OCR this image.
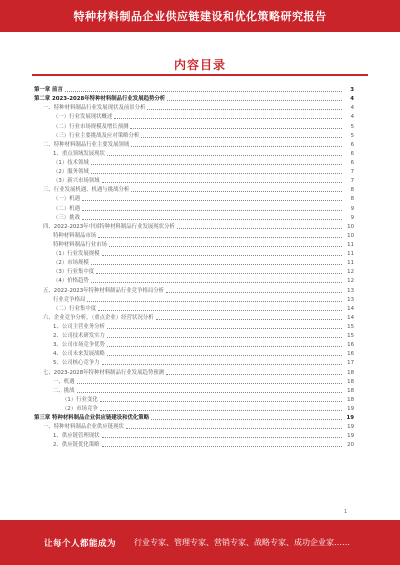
特种材料制品企业供应链建设和优化策略研究报告
内容目录
第一章 前言	3
第二章 2023-2028年特种材料制品行业发展趋势分析	4
一、特种材料制品行业发展现状及前景分析	4
（一）行业发展现状概述	4
（二）行业市场规模及增长预测	5
（三）行业主要挑战及应对策略分析	5
二、特种材料制品行业主要发展领域	6
1、重点领域发展现状	6
（1）技术领域	6
（2）服务领域	7
（3）新兴市场领域	7
三、行业发展机遇、机遇与挑战分析	8
（一）机遇	8
（二）机遇	9
（三）挑战	9
四、2022-2023年中国特种材料制品行业发展现状分析	10
特种材料制品市场	10
特种材料制品行业市场	11
（1）行业发展规模	11
（2）市场规模	11
（3）行业集中度	12
（4）价格趋势	12
五、2022-2023年特种材料制品行业竞争格局分析	13
行业竞争格局	13
（二）行业集中度	14
六、企业竞争分析，（重点企业）经营状况分析	14
1、公司主营业务分析	15
2、公司技术研发实力	15
3、公司市场竞争优势	16
4、公司未来发展战略	16
5、公司核心竞争力	17
七、2023-2028年特种材料制品行业发展趋势预测	18
一、机遇	18
二、挑战	18
（1）行业变化	18
（2）市场竞争	19
第三章 特种材料制品企业供应链建设和优化策略	19
一、特种材料制品企业供应链现状	19
1、供应链管理现状	19
2、供应链优化策略	20
1
让每个人都能成为 行业专家、管理专家、营销专家、战略专家、成功企业家……
